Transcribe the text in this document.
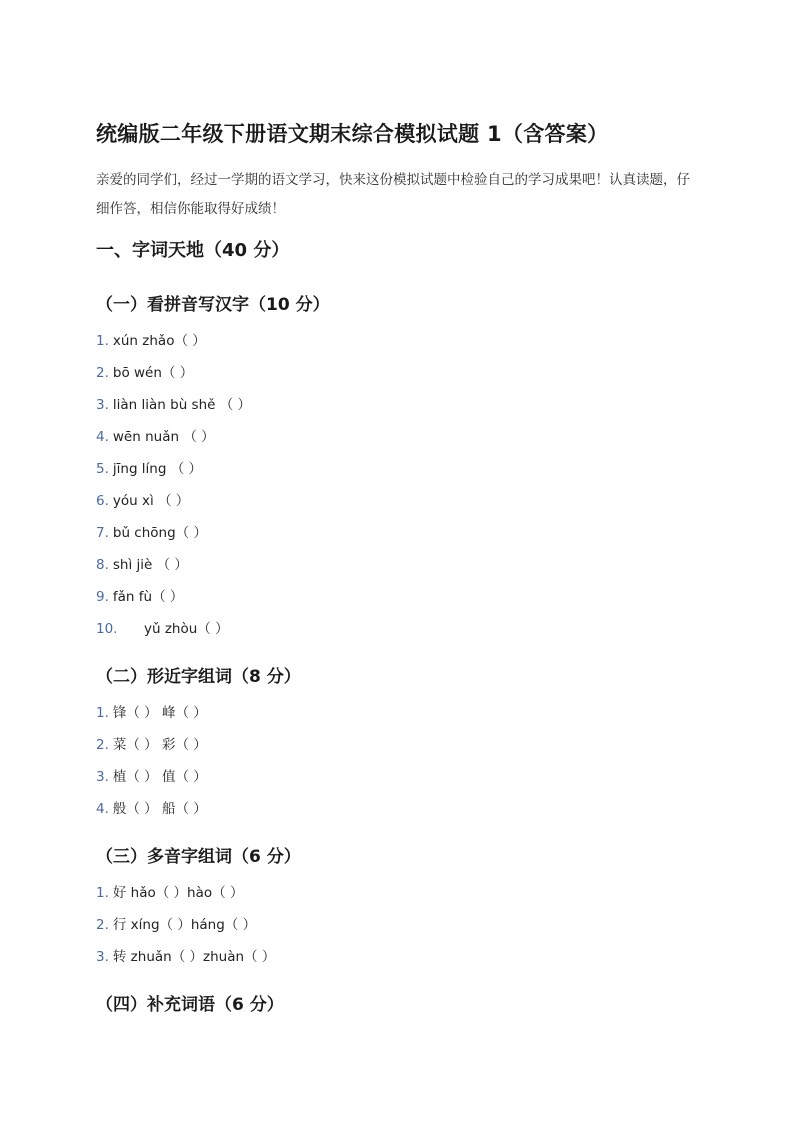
统编版二年级下册语文期末综合模拟试题 1（含答案）

亲爱的同学们，经过一学期的语文学习，快来这份模拟试题中检验自己的学习成果吧！认真读题，仔细作答，相信你能取得好成绩！

一、字词天地（40 分）
（一）看拼音写汉字（10 分）
1. xún zhǎo（ ）
2. bō wén（ ）
3. liàn liàn bù shě （ ）
4. wēn nuǎn （ ）
5. jīng líng （ ）
6. yóu xì （ ）
7. bǔ chōng（ ）
8. shì jiè （ ）
9. fǎn fù（ ）
10. yǔ zhòu（ ）
（二）形近字组词（8 分）
1. 锋（ ） 峰（ ）
2. 菜（ ） 彩（ ）
3. 植（ ） 值（ ）
4. 般（ ） 船（ ）
（三）多音字组词（6 分）
1. 好 hǎo（ ）hào（ ）
2. 行 xíng（ ）háng（ ）
3. 转 zhuǎn（ ）zhuàn（ ）
（四）补充词语（6 分）
